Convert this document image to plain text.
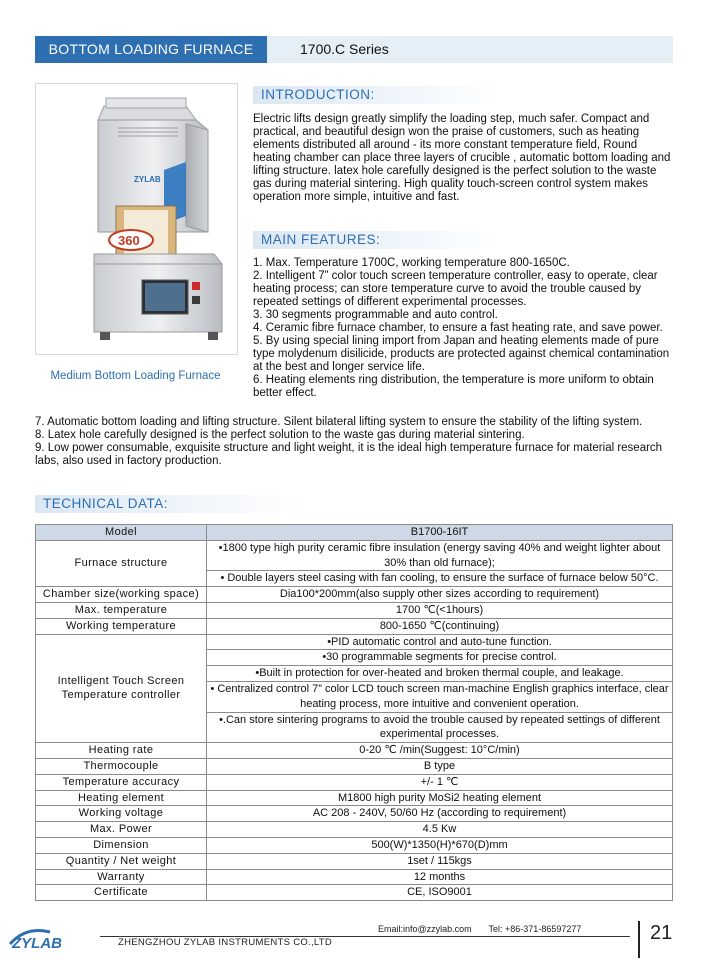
BOTTOM LOADING FURNACE	1700.C Series
360
ZYLAB
Medium Bottom Loading Furnace
INTRODUCTION:

Electric lifts design greatly simplify the loading step, much safer. Compact and practical, and beautiful design won the praise of customers, such as heating elements distributed all around - its more constant temperature field, Round heating chamber can place three layers of crucible , automatic bottom loading and lifting structure. latex hole carefully designed is the perfect solution to the waste gas during material sintering. High quality touch-screen control system makes operation more simple, intuitive and fast.

MAIN FEATURES:

1. Max. Temperature 1700C, working temperature 800-1650C.

2. Intelligent 7” color touch screen temperature controller, easy to operate, clear heating process; can store temperature curve to avoid the trouble caused by repeated settings of different experimental processes.

3. 30 segments programmable and auto control.

4. Ceramic fibre furnace chamber, to ensure a fast heating rate, and save power.

5. By using special lining import from Japan and heating elements made of pure type molydenum disilicide, products are protected against chemical contamination at the best and longer service life.

6. Heating elements ring distribution, the temperature is more uniform to obtain better effect.

7. Automatic bottom loading and lifting structure. Silent bilateral lifting system to ensure the stability of the lifting system.

8. Latex hole carefully designed is the perfect solution to the waste gas during material sintering.

9. Low power consumable, exquisite structure and light weight, it is the ideal high temperature furnace for material research labs, also used in factory production.

TECHNICAL DATA:
Model	B1700-16IT
Furnace structure	•1800 type high purity ceramic fibre insulation (energy saving 40% and weight lighter about 30% than old furnace);
	• Double layers steel casing with fan cooling, to ensure the surface of furnace below 50°C.
Chamber size(working space)	Dia100*200mm(also supply other sizes according to requirement)
Max. temperature	1700 ℃(<1hours)
Working temperature	800-1650 ℃(continuing)
Intelligent Touch Screen Temperature controller	•PID automatic control and auto-tune function.
	•30 programmable segments for precise control.
	•Built in protection for over-heated and broken thermal couple, and leakage.
	• Centralized control 7” color LCD touch screen man-machine English graphics interface, clear heating process, more intuitive and convenient operation.
	•.Can store sintering programs to avoid the trouble caused by repeated settings of different experimental processes.
Heating rate	0-20 ℃ /min(Suggest: 10°C/min)
Thermocouple	B type
Temperature accuracy	+/- 1 ℃
Heating element	M1800 high purity MoSi2 heating element
Working voltage	AC 208 - 240V, 50/60 Hz (according to requirement)
Max. Power	4.5 Kw
Dimension	500(W)*1350(H)*670(D)mm
Quantity / Net weight	1set / 115kgs
Warranty	12 months
Certificate	CE, ISO9001
ZYLAB
Email:info@zzylab.com Tel: +86-371-86597277
ZHENGZHOU ZYLAB INSTRUMENTS CO.,LTD	21
